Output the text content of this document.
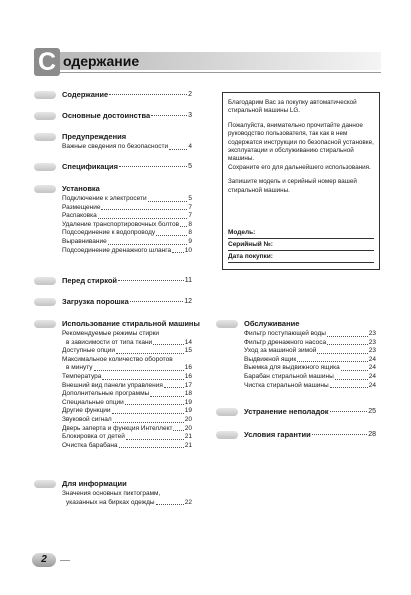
С одержание
Содержание	2
Основные достоинства	3
Предупреждения
Важные сведения по безопасности	4
Спецификация	5
Установка
Подключение к электросети	5
Размещение	7
Распаковка	7
Удаление транспортировочных болтов 8
Подсоединение к водопроводу	8
Выравнивание	9
Подсоединение дренажного шланга 10
Перед стиркой	11
Загрузка порошка	12
Использование стиральной машины
Рекомендуемые режимы стирки
в зависимости от типа ткани	14
Доступные опции	15
Максимальное количество оборотов
в минуту	16
Температура	16
Внешний вид панели управления	17
Дополнительные программы	18
Специальные опции	19
Другие функции	19
Звуковой сигнал	20
Дверь заперта и функция Интеллект 20
Блокировка от детей	21
Очистка барабана	21
Для информации
Значения основных пиктограмм,
указанных на бирках одежды	22

Благодарим Вас за покупку автоматической стиральной машины LG.

Пожалуйста, внимательно прочитайте данное руководство пользователя, так как в нем содержатся инструкции по безопасной установке, эксплуатации и обслуживанию стиральной машины.

Сохраните его для дальнейшего использования.

Запишите модель и серийный номер вашей стиральной машины.

Модель:
Серийный №:
Дата покупки:
Обслуживание
Фильтр поступающей воды	23
Фильтр дренажного насоса	23
Уход за машиной зимой	23
Выдвижной ящик	24
Выемка для выдвижного ящика	24
Барабан стиральной машины	24
Чистка стиральной машины	24
Устранение неполадок	25
Условия гарантии	28
2
